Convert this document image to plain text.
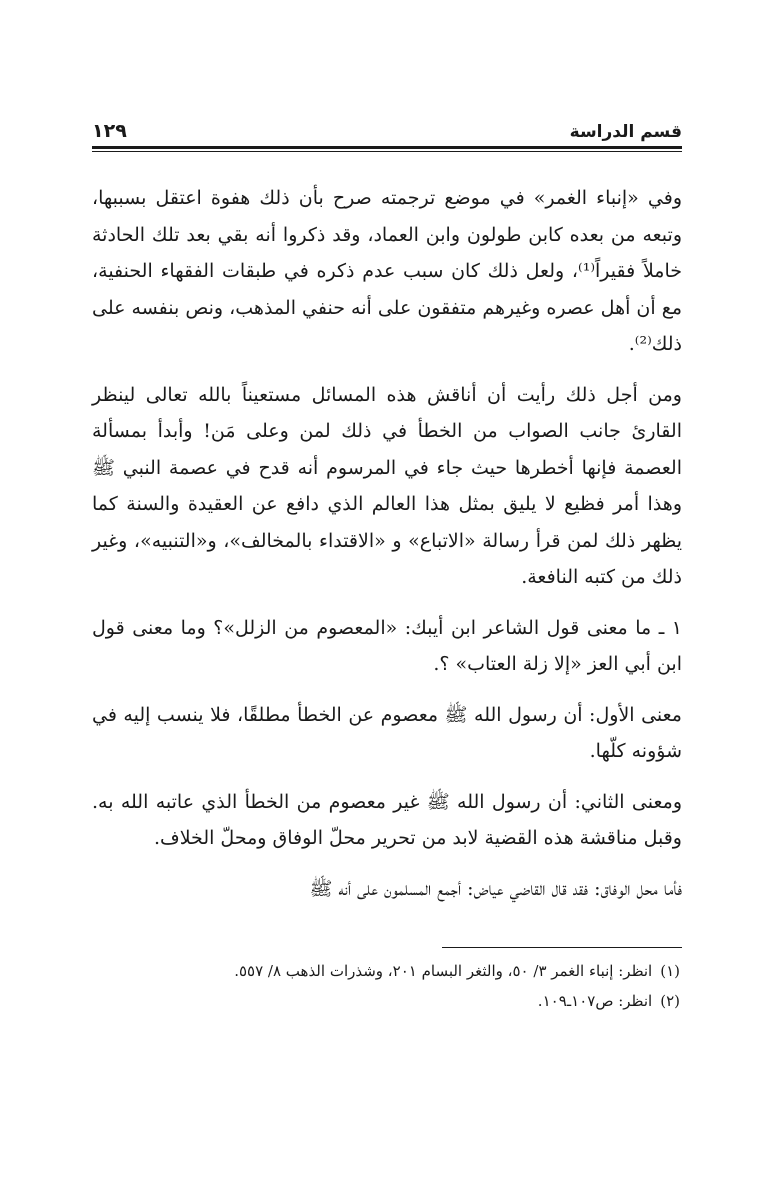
قسم الدراسة
١٢٩

وفي «إنباء الغمر» في موضع ترجمته صرح بأن ذلك هفوة اعتقل بسببها، وتبعه من بعده كابن طولون وابن العماد، وقد ذكروا أنه بقي بعد تلك الحادثة خاملاً فقيراً⁽¹⁾، ولعل ذلك كان سبب عدم ذكره في طبقات الفقهاء الحنفية، مع أن أهل عصره وغيرهم متفقون على أنه حنفي المذهب، ونص بنفسه على ذلك⁽²⁾.

ومن أجل ذلك رأيت أن أناقش هذه المسائل مستعيناً بالله تعالى لينظر القارئ جانب الصواب من الخطأ في ذلك لمن وعلى مَن! وأبدأ بمسألة العصمة فإنها أخطرها حيث جاء في المرسوم أنه قدح في عصمة النبي ﷺ وهذا أمر فظيع لا يليق بمثل هذا العالم الذي دافع عن العقيدة والسنة كما يظهر ذلك لمن قرأ رسالة «الاتباع» و «الاقتداء بالمخالف»، و«التنبيه»، وغير ذلك من كتبه النافعة.

١ ـ ما معنى قول الشاعر ابن أيبك: «المعصوم من الزلل»؟ وما معنى قول ابن أبي العز «إلا زلة العتاب» ؟.

معنى الأول: أن رسول الله ﷺ معصوم عن الخطأ مطلقًا، فلا ينسب إليه في شؤونه كلّها.

ومعنى الثاني: أن رسول الله ﷺ غير معصوم من الخطأ الذي عاتبه الله به. وقبل مناقشة هذه القضية لابد من تحرير محلّ الوفاق ومحلّ الخلاف.

فأما محل الوفاق: فقد قال القاضي عياض: أجمع المسلمون على أنه ﷺ

(١)انظر: إنباء الغمر ٣/ ٥٠، والثغر البسام ٢٠١، وشذرات الذهب ٨/ ٥٥٧.

(٢)انظر: ص١٠٧ـ١٠٩.
